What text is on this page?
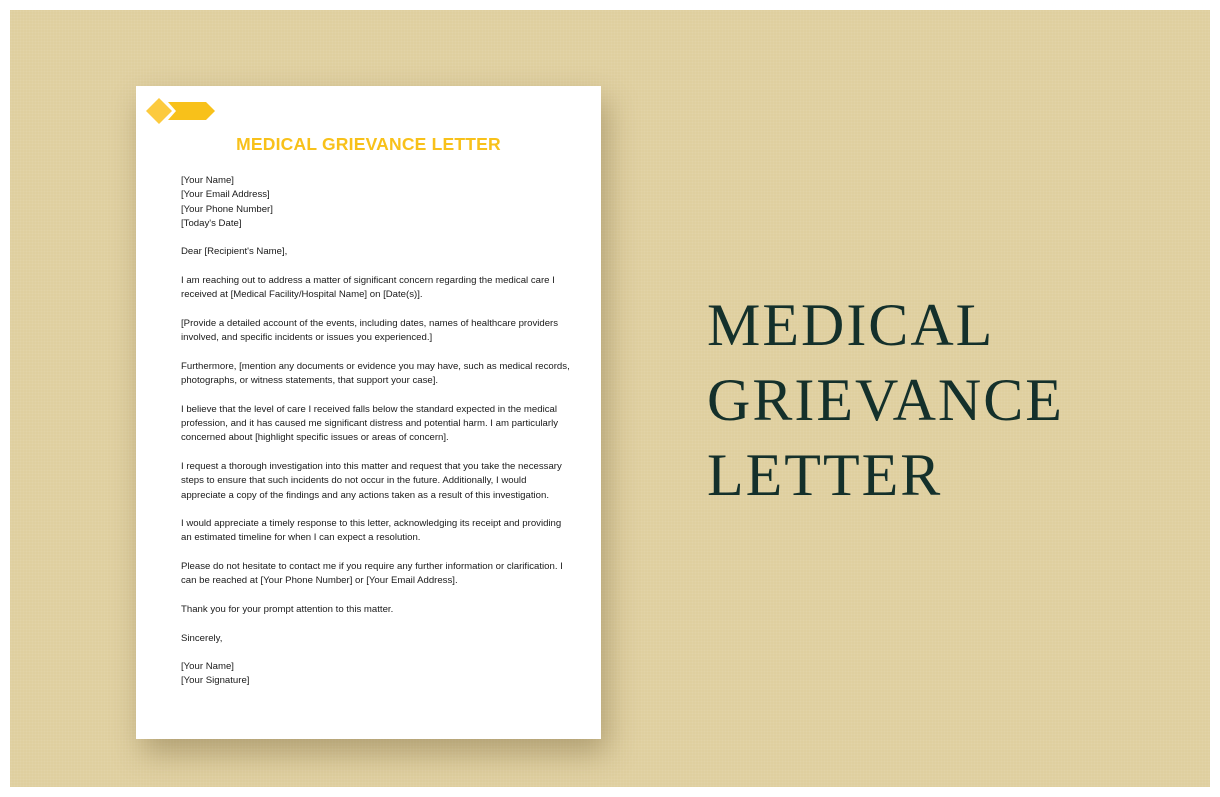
MEDICAL GRIEVANCE LETTER
[Your Name]
[Your Email Address]
[Your Phone Number]
[Today's Date]
Dear [Recipient's Name],
I am reaching out to address a matter of significant concern regarding the medical care I
received at [Medical Facility/Hospital Name] on [Date(s)].
[Provide a detailed account of the events, including dates, names of healthcare providers
involved, and specific incidents or issues you experienced.]
Furthermore, [mention any documents or evidence you may have, such as medical records,
photographs, or witness statements, that support your case].
I believe that the level of care I received falls below the standard expected in the medical
profession, and it has caused me significant distress and potential harm. I am particularly
concerned about [highlight specific issues or areas of concern].
I request a thorough investigation into this matter and request that you take the necessary
steps to ensure that such incidents do not occur in the future. Additionally, I would
appreciate a copy of the findings and any actions taken as a result of this investigation.
I would appreciate a timely response to this letter, acknowledging its receipt and providing
an estimated timeline for when I can expect a resolution.
Please do not hesitate to contact me if you require any further information or clarification. I
can be reached at [Your Phone Number] or [Your Email Address].
Thank you for your prompt attention to this matter.
Sincerely,
[Your Name]
[Your Signature]
MEDICAL
GRIEVANCE
LETTER
